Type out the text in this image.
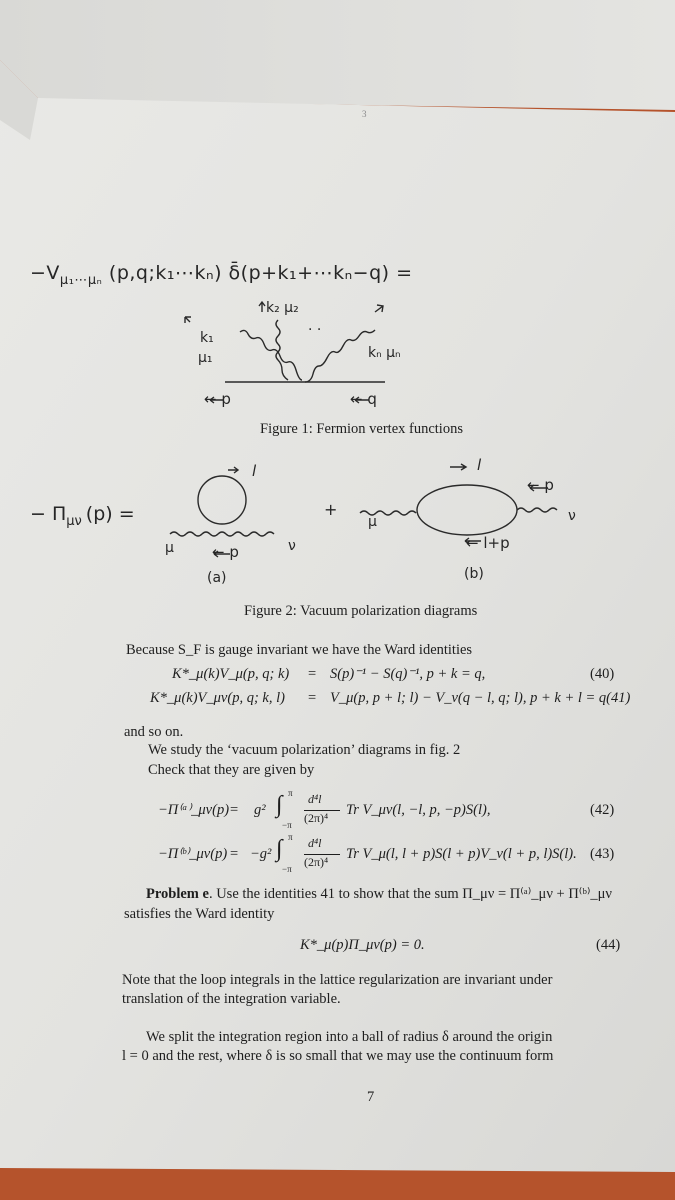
3
$-V_{\mu_1\cdots\mu_n}$ (p,q;k₁⋯kₙ) δ̄(p+k₁+⋯kₙ−q) =
k₁
μ₁
k₂ μ₂
· ·
kₙ μₙ
← p	← q
Figure 1: Fermion vertex functions
− $\Pi_{\mu\nu}$ (p) =
l
μ	ν
← p
(a)
+
l
← p
μ	ν
← l+p
(b)
Figure 2: Vacuum polarization diagrams
Because S_F is gauge invariant we have the Ward identities
K*_μ(k)V_μ(p, q; k) = S(p)⁻¹ − S(q)⁻¹, p + k = q,	(40)
K*_μ(k)V_μν(p, q; k, l) = V_μ(p, p + l; l) − V_ν(q − l, q; l), p + k + l = q(41)
and so on.
We study the ‘vacuum polarization’ diagrams in fig. 2
Check that they are given by
−Π⁽ᵃ⁾_μν(p) = g² ∫ π
−π
d⁴l
(2π)⁴ Tr V_μν(l, −l, p, −p)S(l),	(42)
−Π⁽ᵇ⁾_μν(p) = −g² ∫ π
−π
d⁴l
(2π)⁴ Tr V_μ(l, l + p)S(l + p)V_ν(l + p, l)S(l). (43)
Problem e. Use the identities 41 to show that the sum Π_μν = Π⁽ᵃ⁾_μν + Π⁽ᵇ⁾_μν
satisfies the Ward identity
K*_μ(p)Π_μν(p) = 0.	(44)
Note that the loop integrals in the lattice regularization are invariant under
translation of the integration variable.
We split the integration region into a ball of radius δ around the origin
l = 0 and the rest, where δ is so small that we may use the continuum form
7
